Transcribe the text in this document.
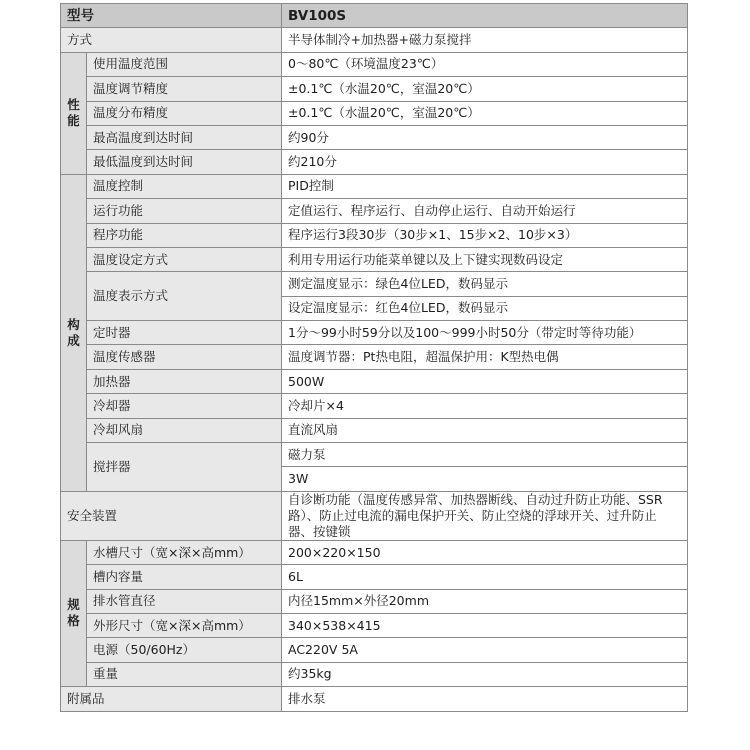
型号		BV100S
方式		半导体制冷+加热器+磁力泵搅拌

性
能	使用温度范围	0～80℃（环境温度23℃）
	温度调节精度	±0.1℃（水温20℃，室温20℃）
	温度分布精度	±0.1℃（水温20℃，室温20℃）
	最高温度到达时间	约90分
	最低温度到达时间	约210分

构
成	温度控制	PID控制
	运行功能	定值运行、程序运行、自动停止运行、自动开始运行
	程序功能	程序运行3段30步（30步×1、15步×2、10步×3）
	温度设定方式	利用专用运行功能菜单键以及上下键实现数码设定
	温度表示方式	测定温度显示：绿色4位LED，数码显示
		设定温度显示：红色4位LED，数码显示
	定时器	1分～99小时59分以及100～999小时50分（带定时等待功能）
	温度传感器	温度调节器：Pt热电阻，超温保护用：K型热电偶
	加热器	500W
	冷却器	冷却片×4
	冷却风扇	直流风扇
	搅拌器	磁力泵
		3W
安全装置		自诊断功能（温度传感异常、加热器断线、自动过升防止功能、SSR路）、防止过电流的漏电保护开关、防止空烧的浮球开关、过升防止器、按键锁

规
格	水槽尺寸（宽×深×高mm）	200×220×150
	槽内容量	6L
	排水管直径	内径15mm×外径20mm
	外形尺寸（宽×深×高mm）	340×538×415
	电源（50/60Hz）	AC220V 5A
	重量	约35kg
附属品		排水泵
